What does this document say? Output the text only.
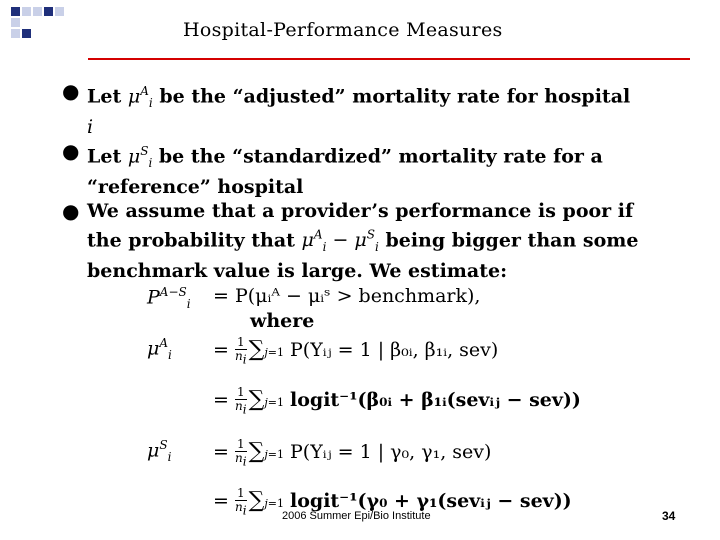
Hospital-Performance Measures
● Let $\mu^A_i$ be the “adjusted” mortality rate for hospital
i
● Let $\mu^S_i$ be the “standardized” mortality rate for a
“reference” hospital
● We assume that a provider’s performance is poor if
the probability that $\mu^A_i - \mu^S_i$ being bigger than some
benchmark value is large. We estimate:
$P^{A-S}_i$ = P(μᵢᴬ − μᵢˢ > benchmark),
where
$\mu^A_i = \frac{1}{n_i} \sum j=1$ P(Yᵢⱼ = 1 | β₀ᵢ, β₁ᵢ, sev)
= $\frac{1}{n_i} \sum j=1$ logit⁻¹(β₀ᵢ + β₁ᵢ(sevᵢⱼ − sev))
$\mu^S_i = \frac{1}{n_i} \sum j=1$ P(Yᵢⱼ = 1 | γ₀, γ₁, sev)
= $\frac{1}{n_i} \sum j=1$ logit⁻¹(γ₀ + γ₁(sevᵢⱼ − sev))
2006 Summer Epi/Bio Institute	34
